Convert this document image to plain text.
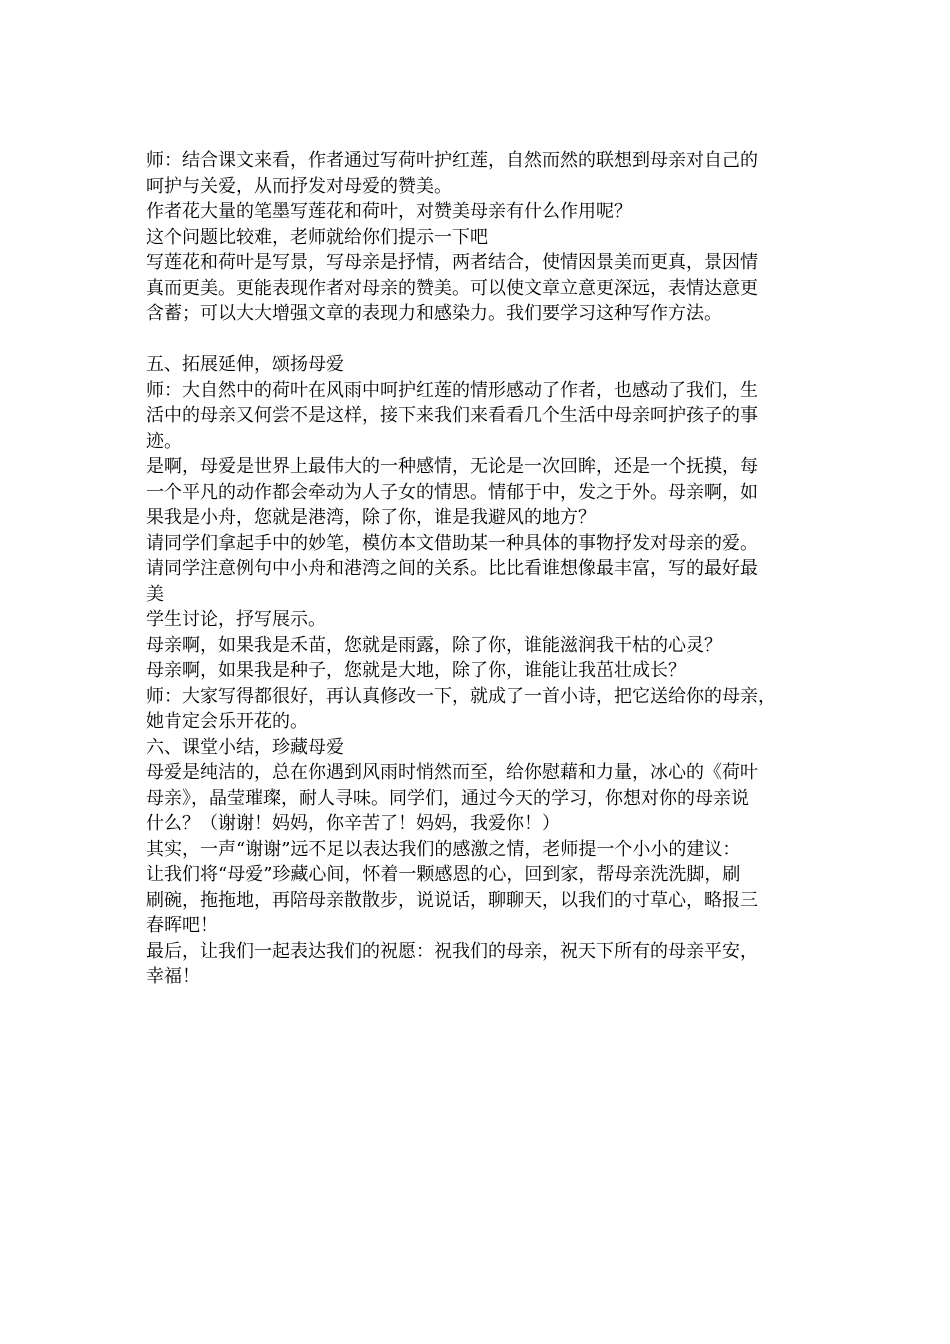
师：结合课文来看，作者通过写荷叶护红莲，自然而然的联想到母亲对自己的
呵护与关爱，从而抒发对母爱的赞美。
作者花大量的笔墨写莲花和荷叶，对赞美母亲有什么作用呢？
这个问题比较难，老师就给你们提示一下吧
写莲花和荷叶是写景，写母亲是抒情，两者结合，使情因景美而更真，景因情
真而更美。更能表现作者对母亲的赞美。可以使文章立意更深远，表情达意更
含蓄；可以大大增强文章的表现力和感染力。我们要学习这种写作方法。
五、拓展延伸，颂扬母爱
师：大自然中的荷叶在风雨中呵护红莲的情形感动了作者，也感动了我们，生
活中的母亲又何尝不是这样，接下来我们来看看几个生活中母亲呵护孩子的事
迹。
是啊，母爱是世界上最伟大的一种感情，无论是一次回眸，还是一个抚摸，每
一个平凡的动作都会牵动为人子女的情思。情郁于中，发之于外。母亲啊，如
果我是小舟，您就是港湾，除了你，谁是我避风的地方？
请同学们拿起手中的妙笔，模仿本文借助某一种具体的事物抒发对母亲的爱。
请同学注意例句中小舟和港湾之间的关系。比比看谁想像最丰富，写的最好最
美
学生讨论，抒写展示。
母亲啊，如果我是禾苗，您就是雨露，除了你，谁能滋润我干枯的心灵？
母亲啊，如果我是种子，您就是大地，除了你，谁能让我茁壮成长？
师：大家写得都很好，再认真修改一下，就成了一首小诗，把它送给你的母亲，
她肯定会乐开花的。
六、课堂小结，珍藏母爱
母爱是纯洁的，总在你遇到风雨时悄然而至，给你慰藉和力量，冰心的《荷叶
母亲》，晶莹璀璨，耐人寻味。同学们，通过今天的学习，你想对你的母亲说
什么？（谢谢！妈妈，你辛苦了！妈妈，我爱你！）
其实，一声“谢谢”远不足以表达我们的感激之情，老师提一个小小的建议：
让我们将“母爱”珍藏心间，怀着一颗感恩的心，回到家，帮母亲洗洗脚，刷
刷碗，拖拖地，再陪母亲散散步，说说话，聊聊天，以我们的寸草心，略报三
春晖吧！
最后，让我们一起表达我们的祝愿：祝我们的母亲，祝天下所有的母亲平安，
幸福！
